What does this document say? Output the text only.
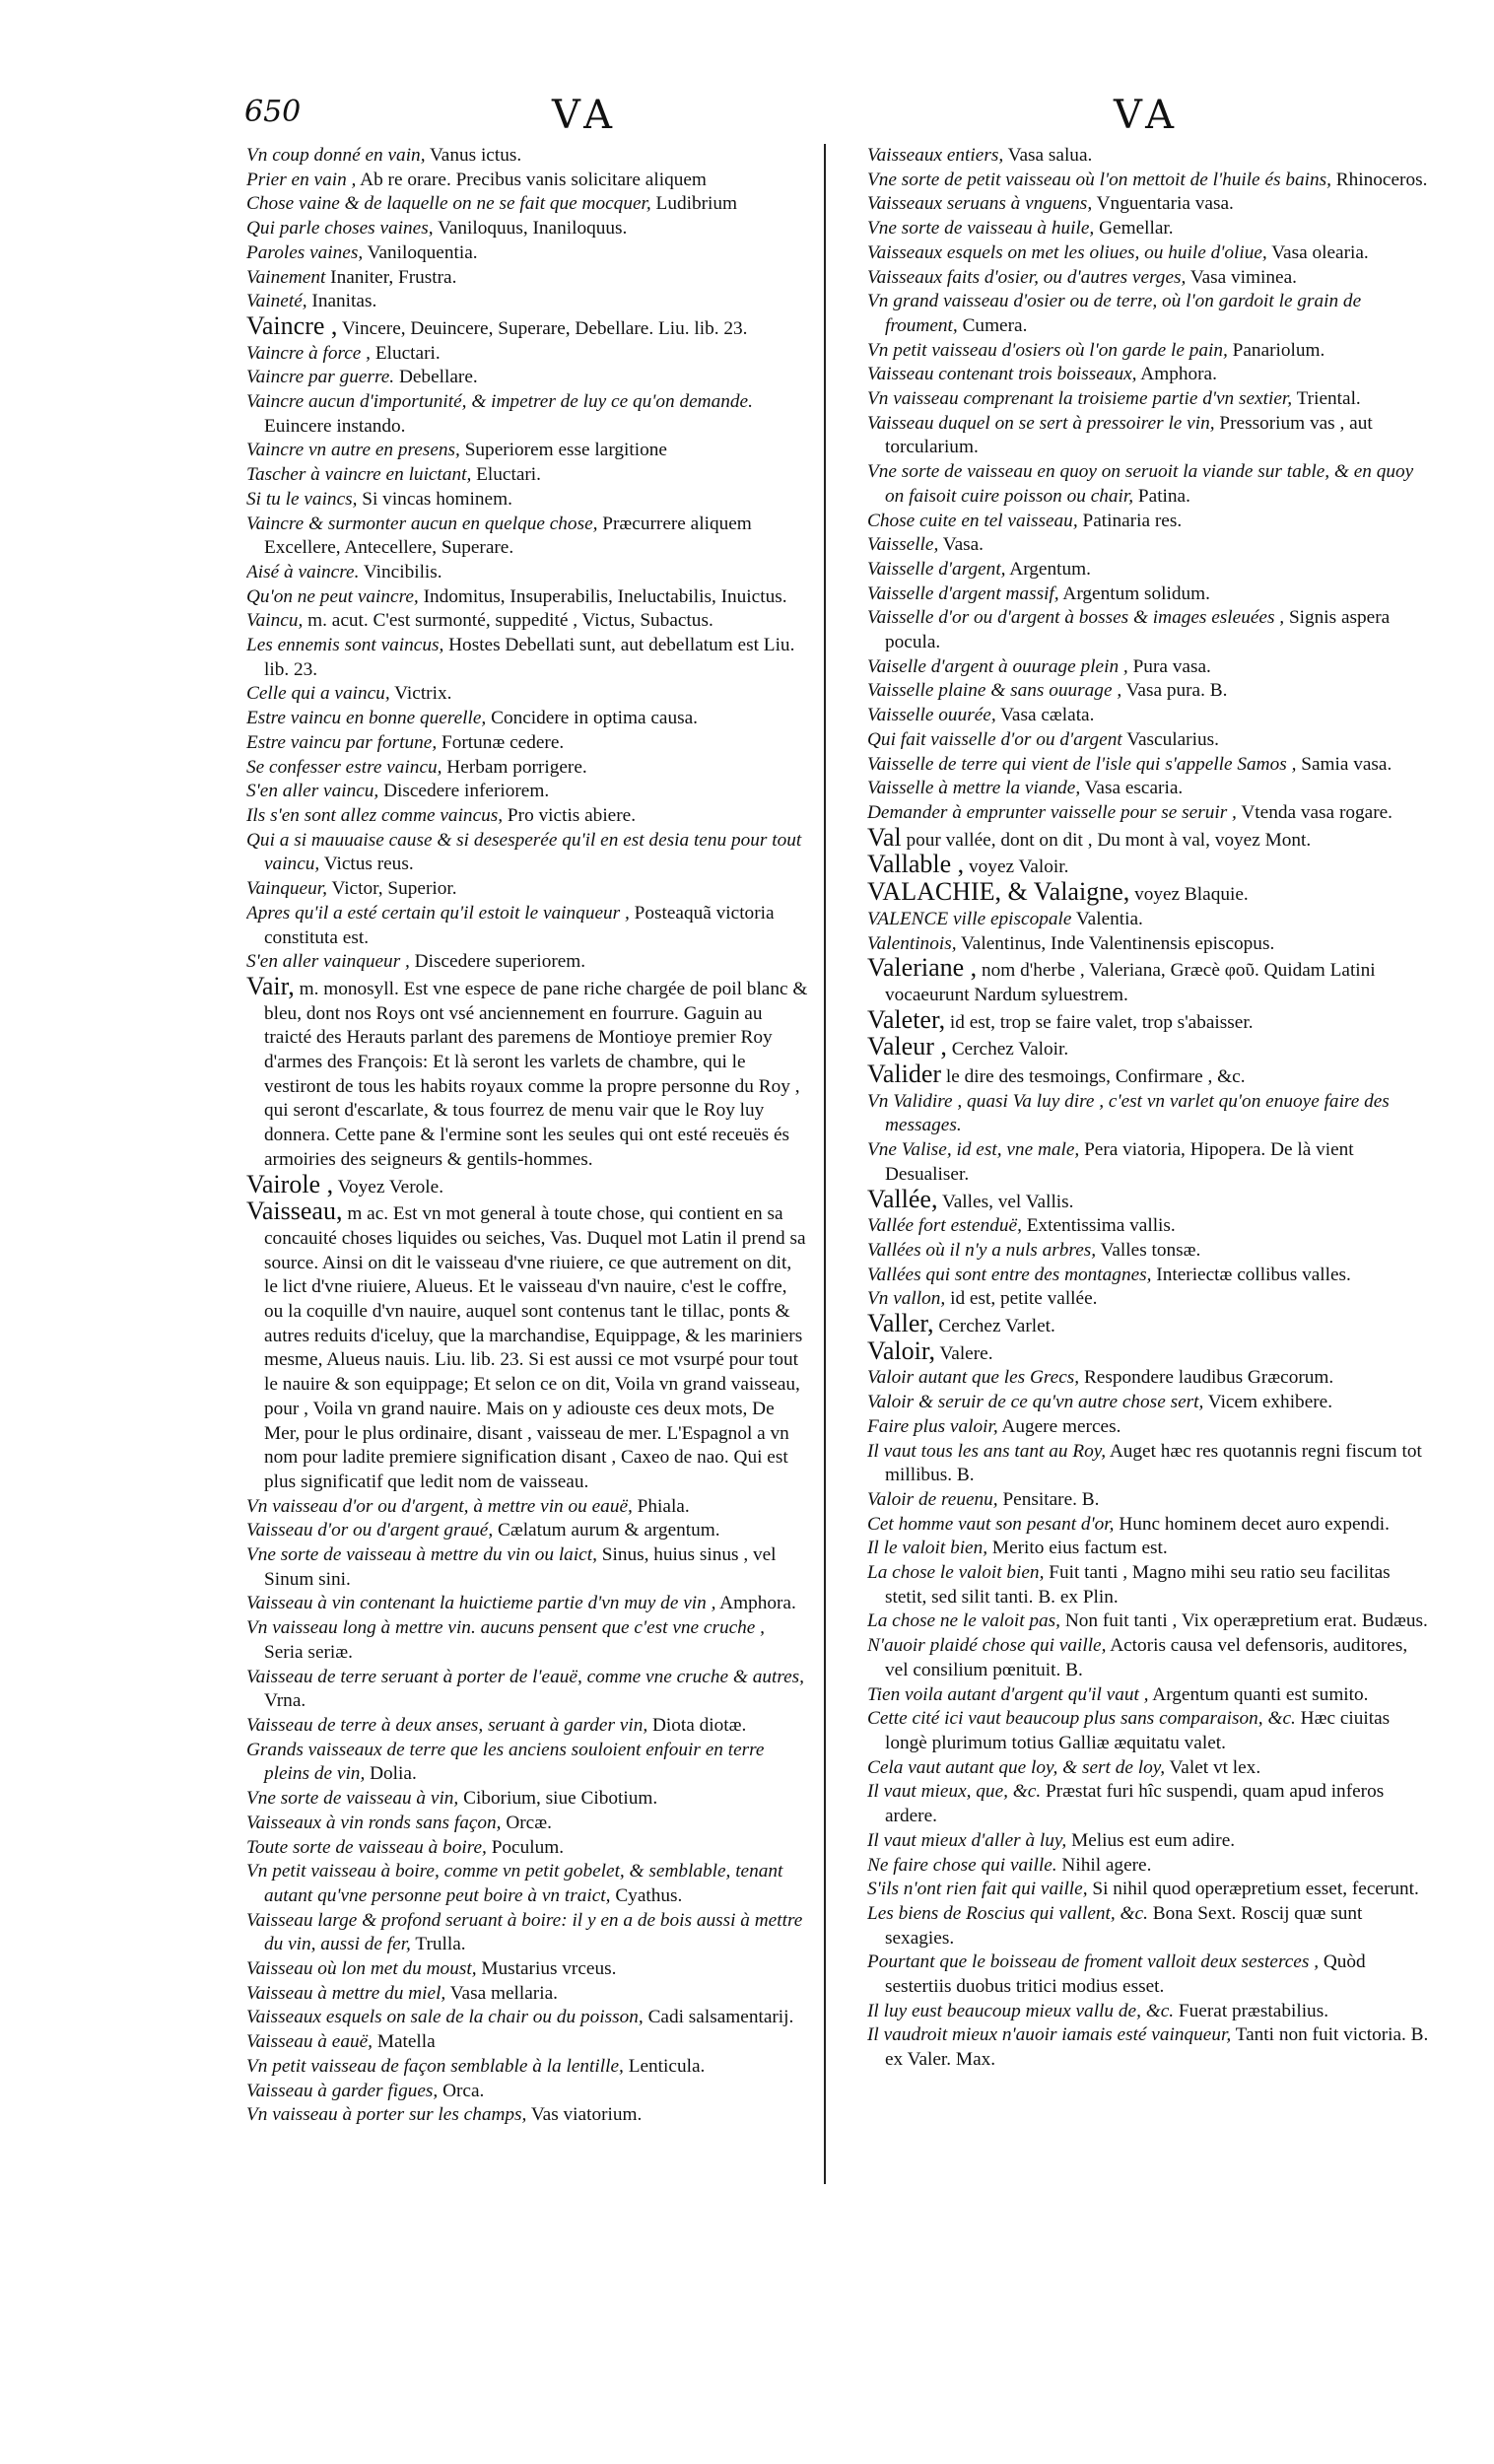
650	VA	VA

Vn coup donné en vain, Vanus ictus.

Prier en vain , Ab re orare. Precibus vanis solicitare aliquem

Chose vaine & de laquelle on ne se fait que mocquer, Ludibrium

Qui parle choses vaines, Vaniloquus, Inaniloquus.

Paroles vaines, Vaniloquentia.

Vainement Inaniter, Frustra.

Vaineté, Inanitas.

Vaincre , Vincere, Deuincere, Superare, Debellare. Liu. lib. 23.

Vaincre à force , Eluctari.

Vaincre par guerre. Debellare.

Vaincre aucun d'importunité, & impetrer de luy ce qu'on demande. Euincere instando.

Vaincre vn autre en presens, Superiorem esse largitione

Tascher à vaincre en luictant, Eluctari.

Si tu le vaincs, Si vincas hominem.

Vaincre & surmonter aucun en quelque chose, Præcurrere aliquem Excellere, Antecellere, Superare.

Aisé à vaincre. Vincibilis.

Qu'on ne peut vaincre, Indomitus, Insuperabilis, Ineluctabilis, Inuictus.

Vaincu, m. acut. C'est surmonté, suppedité , Victus, Subactus.

Les ennemis sont vaincus, Hostes Debellati sunt, aut debellatum est Liu. lib. 23.

Celle qui a vaincu, Victrix.

Estre vaincu en bonne querelle, Concidere in optima causa.

Estre vaincu par fortune, Fortunæ cedere.

Se confesser estre vaincu, Herbam porrigere.

S'en aller vaincu, Discedere inferiorem.

Ils s'en sont allez comme vaincus, Pro victis abiere.

Qui a si mauuaise cause & si desesperée qu'il en est desia tenu pour tout vaincu, Victus reus.

Vainqueur, Victor, Superior.

Apres qu'il a esté certain qu'il estoit le vainqueur , Posteaquã victoria constituta est.

S'en aller vainqueur , Discedere superiorem.

Vair, m. monosyll. Est vne espece de pane riche chargée de poil blanc & bleu, dont nos Roys ont vsé anciennement en fourrure. Gaguin au traicté des Herauts parlant des paremens de Montioye premier Roy d'armes des François: Et là seront les varlets de chambre, qui le vestiront de tous les habits royaux comme la propre personne du Roy , qui seront d'escarlate, & tous fourrez de menu vair que le Roy luy donnera. Cette pane & l'ermine sont les seules qui ont esté receuës és armoiries des seigneurs & gentils-hommes.

Vairole , Voyez Verole.

Vaisseau, m ac. Est vn mot general à toute chose, qui contient en sa concauité choses liquides ou seiches, Vas. Duquel mot Latin il prend sa source. Ainsi on dit le vaisseau d'vne riuiere, ce que autrement on dit, le lict d'vne riuiere, Alueus. Et le vaisseau d'vn nauire, c'est le coffre, ou la coquille d'vn nauire, auquel sont contenus tant le tillac, ponts & autres reduits d'iceluy, que la marchandise, Equippage, & les mariniers mesme, Alueus nauis. Liu. lib. 23. Si est aussi ce mot vsurpé pour tout le nauire & son equippage; Et selon ce on dit, Voila vn grand vaisseau, pour , Voila vn grand nauire. Mais on y adiouste ces deux mots, De Mer, pour le plus ordinaire, disant , vaisseau de mer. L'Espagnol a vn nom pour ladite premiere signification disant , Caxeo de nao. Qui est plus significatif que ledit nom de vaisseau.

Vn vaisseau d'or ou d'argent, à mettre vin ou eauë, Phiala.

Vaisseau d'or ou d'argent graué, Cælatum aurum & argentum.

Vne sorte de vaisseau à mettre du vin ou laict, Sinus, huius sinus , vel Sinum sini.

Vaisseau à vin contenant la huictieme partie d'vn muy de vin , Amphora.

Vn vaisseau long à mettre vin. aucuns pensent que c'est vne cruche , Seria seriæ.

Vaisseau de terre seruant à porter de l'eauë, comme vne cruche & autres, Vrna.

Vaisseau de terre à deux anses, seruant à garder vin, Diota diotæ.

Grands vaisseaux de terre que les anciens souloient enfouir en terre pleins de vin, Dolia.

Vne sorte de vaisseau à vin, Ciborium, siue Cibotium.

Vaisseaux à vin ronds sans façon, Orcæ.

Toute sorte de vaisseau à boire, Poculum.

Vn petit vaisseau à boire, comme vn petit gobelet, & semblable, tenant autant qu'vne personne peut boire à vn traict, Cyathus.

Vaisseau large & profond seruant à boire: il y en a de bois aussi à mettre du vin, aussi de fer, Trulla.

Vaisseau où lon met du moust, Mustarius vrceus.

Vaisseau à mettre du miel, Vasa mellaria.

Vaisseaux esquels on sale de la chair ou du poisson, Cadi salsamentarij.

Vaisseau à eauë, Matella

Vn petit vaisseau de façon semblable à la lentille, Lenticula.

Vaisseau à garder figues, Orca.

Vn vaisseau à porter sur les champs, Vas viatorium.

Vaisseaux entiers, Vasa salua.

Vne sorte de petit vaisseau où l'on mettoit de l'huile és bains, Rhinoceros.

Vaisseaux seruans à vnguens, Vnguentaria vasa.

Vne sorte de vaisseau à huile, Gemellar.

Vaisseaux esquels on met les oliues, ou huile d'oliue, Vasa olearia.

Vaisseaux faits d'osier, ou d'autres verges, Vasa viminea.

Vn grand vaisseau d'osier ou de terre, où l'on gardoit le grain de froument, Cumera.

Vn petit vaisseau d'osiers où l'on garde le pain, Panariolum.

Vaisseau contenant trois boisseaux, Amphora.

Vn vaisseau comprenant la troisieme partie d'vn sextier, Triental.

Vaisseau duquel on se sert à pressoirer le vin, Pressorium vas , aut torcularium.

Vne sorte de vaisseau en quoy on seruoit la viande sur table, & en quoy on faisoit cuire poisson ou chair, Patina.

Chose cuite en tel vaisseau, Patinaria res.

Vaisselle, Vasa.

Vaisselle d'argent, Argentum.

Vaisselle d'argent massif, Argentum solidum.

Vaisselle d'or ou d'argent à bosses & images esleuées , Signis aspera pocula.

Vaiselle d'argent à ouurage plein , Pura vasa.

Vaisselle plaine & sans ouurage , Vasa pura. B.

Vaisselle ouurée, Vasa cælata.

Qui fait vaisselle d'or ou d'argent Vascularius.

Vaisselle de terre qui vient de l'isle qui s'appelle Samos , Samia vasa.

Vaisselle à mettre la viande, Vasa escaria.

Demander à emprunter vaisselle pour se seruir , Vtenda vasa rogare.

Val pour vallée, dont on dit , Du mont à val, voyez Mont.

Vallable , voyez Valoir.

VALACHIE, & Valaigne, voyez Blaquie.

VALENCE ville episcopale Valentia.

Valentinois, Valentinus, Inde Valentinensis episcopus.

Valeriane , nom d'herbe , Valeriana, Græcè φοῦ. Quidam Latini vocaeurunt Nardum syluestrem.

Valeter, id est, trop se faire valet, trop s'abaisser.

Valeur , Cerchez Valoir.

Valider le dire des tesmoings, Confirmare , &c.

Vn Validire , quasi Va luy dire , c'est vn varlet qu'on enuoye faire des messages.

Vne Valise, id est, vne male, Pera viatoria, Hipopera. De là vient Desualiser.

Vallée, Valles, vel Vallis.

Vallée fort estenduë, Extentissima vallis.

Vallées où il n'y a nuls arbres, Valles tonsæ.

Vallées qui sont entre des montagnes, Interiectæ collibus valles.

Vn vallon, id est, petite vallée.

Valler, Cerchez Varlet.

Valoir, Valere.

Valoir autant que les Grecs, Respondere laudibus Græcorum.

Valoir & seruir de ce qu'vn autre chose sert, Vicem exhibere.

Faire plus valoir, Augere merces.

Il vaut tous les ans tant au Roy, Auget hæc res quotannis regni fiscum tot millibus. B.

Valoir de reuenu, Pensitare. B.

Cet homme vaut son pesant d'or, Hunc hominem decet auro expendi.

Il le valoit bien, Merito eius factum est.

La chose le valoit bien, Fuit tanti , Magno mihi seu ratio seu facilitas stetit, sed silit tanti. B. ex Plin.

La chose ne le valoit pas, Non fuit tanti , Vix operæpretium erat. Budæus.

N'auoir plaidé chose qui vaille, Actoris causa vel defensoris, auditores, vel consilium pœnituit. B.

Tien voila autant d'argent qu'il vaut , Argentum quanti est sumito.

Cette cité ici vaut beaucoup plus sans comparaison, &c. Hæc ciuitas longè plurimum totius Galliæ æquitatu valet.

Cela vaut autant que loy, & sert de loy, Valet vt lex.

Il vaut mieux, que, &c. Præstat furi hîc suspendi, quam apud inferos ardere.

Il vaut mieux d'aller à luy, Melius est eum adire.

Ne faire chose qui vaille. Nihil agere.

S'ils n'ont rien fait qui vaille, Si nihil quod operæpretium esset, fecerunt.

Les biens de Roscius qui vallent, &c. Bona Sext. Roscij quæ sunt sexagies.

Pourtant que le boisseau de froment valloit deux sesterces , Quòd sestertiis duobus tritici modius esset.

Il luy eust beaucoup mieux vallu de, &c. Fuerat præstabilius.

Il vaudroit mieux n'auoir iamais esté vainqueur, Tanti non fuit victoria. B. ex Valer. Max.
